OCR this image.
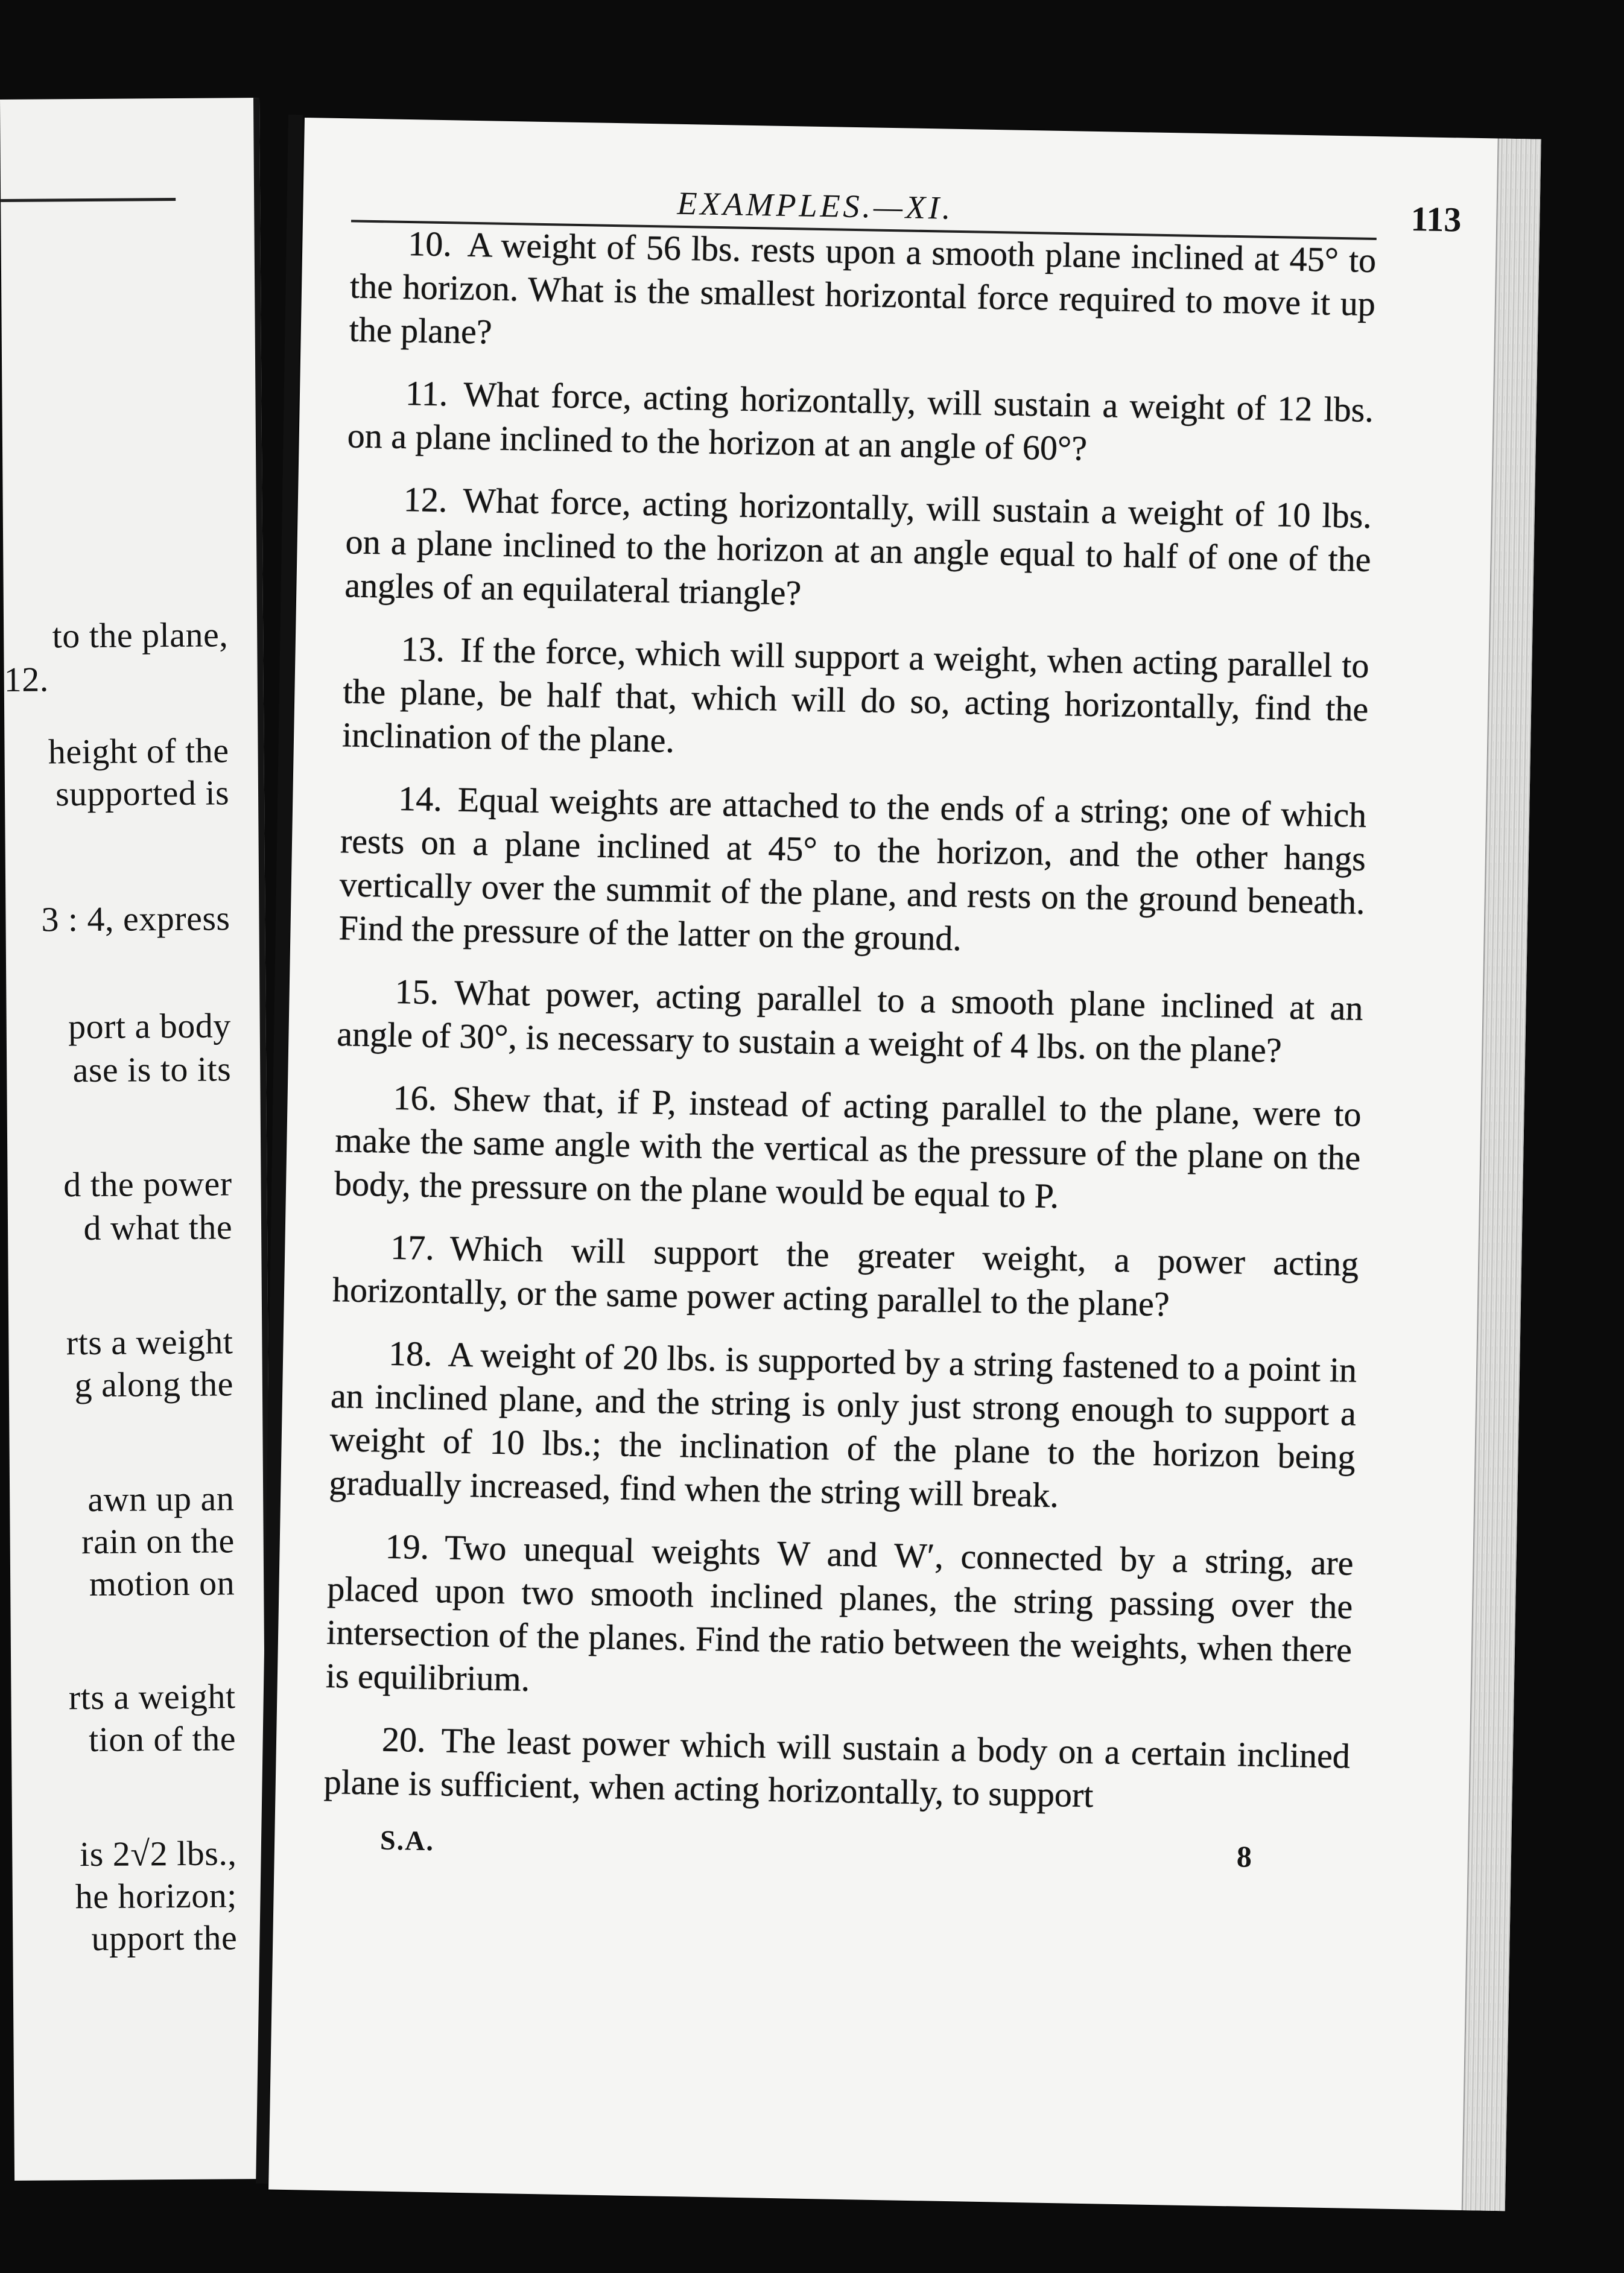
to the plane,
12.
height of the
supported is
3 : 4, express
port a body
ase is to its
d the power
d what the
rts a weight
g along the
awn up an
rain on the
motion on
rts a weight
tion of the
is 2√2 lbs.,
he horizon;
upport the
EXAMPLES.—XI.	113

10. A weight of 56 lbs. rests upon a smooth plane inclined at 45° to the horizon. What is the smallest horizontal force required to move it up the plane?

11. What force, acting horizontally, will sustain a weight of 12 lbs. on a plane inclined to the horizon at an angle of 60°?

12. What force, acting horizontally, will sustain a weight of 10 lbs. on a plane inclined to the horizon at an angle equal to half of one of the angles of an equilateral triangle?

13. If the force, which will support a weight, when acting parallel to the plane, be half that, which will do so, acting horizontally, find the inclination of the plane.

14. Equal weights are attached to the ends of a string; one of which rests on a plane inclined at 45° to the horizon, and the other hangs vertically over the summit of the plane, and rests on the ground beneath. Find the pressure of the latter on the ground.

15. What power, acting parallel to a smooth plane inclined at an angle of 30°, is necessary to sustain a weight of 4 lbs. on the plane?

16. Shew that, if P, instead of acting parallel to the plane, were to make the same angle with the vertical as the pressure of the plane on the body, the pressure on the plane would be equal to P.

17. Which will support the greater weight, a power acting horizontally, or the same power acting parallel to the plane?

18. A weight of 20 lbs. is supported by a string fastened to a point in an inclined plane, and the string is only just strong enough to support a weight of 10 lbs.; the inclination of the plane to the horizon being gradually increased, find when the string will break.

19. Two unequal weights W and W′, connected by a string, are placed upon two smooth inclined planes, the string passing over the intersection of the planes. Find the ratio between the weights, when there is equilibrium.

20. The least power which will sustain a body on a certain inclined plane is sufficient, when acting horizontally, to support

S.A.	8
